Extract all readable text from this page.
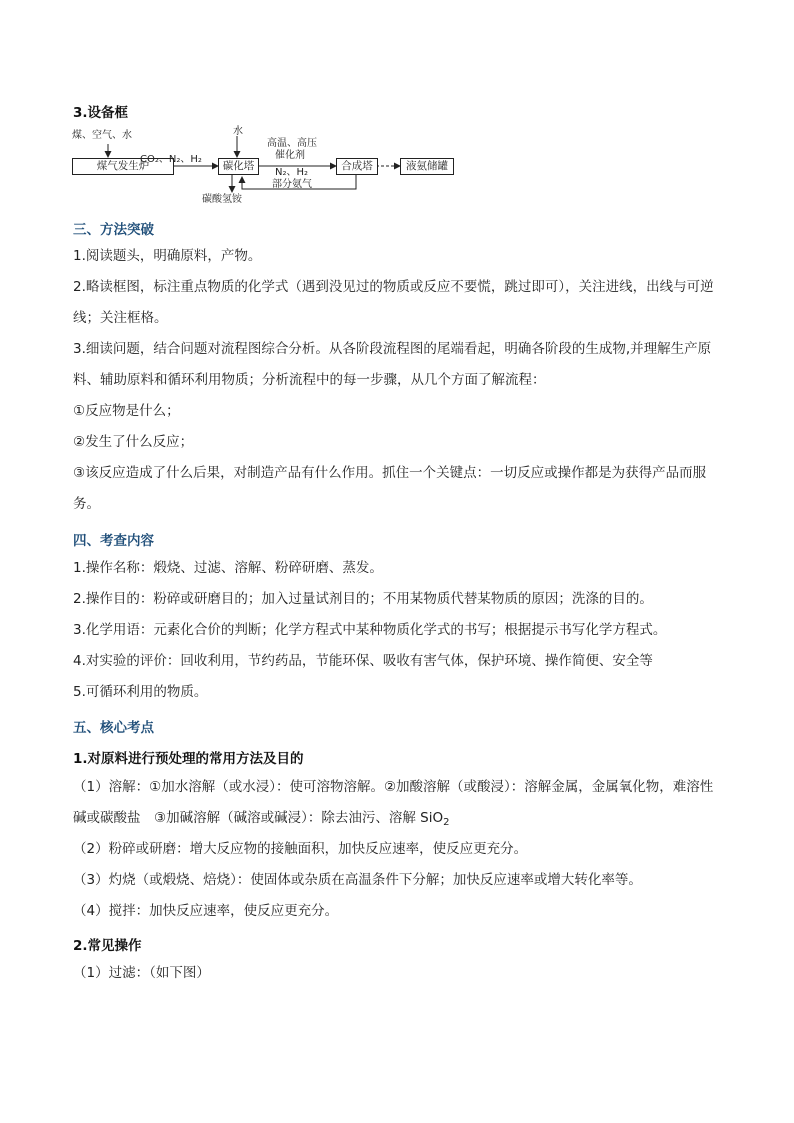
3.设备框
煤、空气、水
煤气发生炉
CO₂、N₂、H₂
水
碳化塔
高温、高压
催化剂
N₂、H₂
部分氨气
合成塔	液氨储罐
碳酸氢铵
三、方法突破
1.阅读题头，明确原料，产物。
2.略读框图，标注重点物质的化学式（遇到没见过的物质或反应不要慌，跳过即可），关注进线，出线与可逆线；关注框格。
3.细读问题，结合问题对流程图综合分析。从各阶段流程图的尾端看起，明确各阶段的生成物,并理解生产原料、辅助原料和循环利用物质；分析流程中的每一步骤，从几个方面了解流程：
①反应物是什么；
②发生了什么反应；
③该反应造成了什么后果，对制造产品有什么作用。抓住一个关键点：一切反应或操作都是为获得产品而服务。
四、考查内容
1.操作名称：煅烧、过滤、溶解、粉碎研磨、蒸发。
2.操作目的：粉碎或研磨目的；加入过量试剂目的；不用某物质代替某物质的原因；洗涤的目的。
3.化学用语：元素化合价的判断；化学方程式中某种物质化学式的书写；根据提示书写化学方程式。
4.对实验的评价：回收利用，节约药品，节能环保、吸收有害气体，保护环境、操作简便、安全等
5.可循环利用的物质。
五、核心考点
1.对原料进行预处理的常用方法及目的
（1）溶解：①加水溶解（或水浸）：使可溶物溶解。②加酸溶解（或酸浸）：溶解金属，金属氧化物，难溶性碱或碳酸盐　③加碱溶解（碱溶或碱浸）：除去油污、溶解 SiO$_2$
（2）粉碎或研磨：增大反应物的接触面积，加快反应速率，使反应更充分。
（3）灼烧（或煅烧、焙烧）：使固体或杂质在高温条件下分解；加快反应速率或增大转化率等。
（4）搅拌：加快反应速率，使反应更充分。
2.常见操作
（1）过滤：（如下图）
